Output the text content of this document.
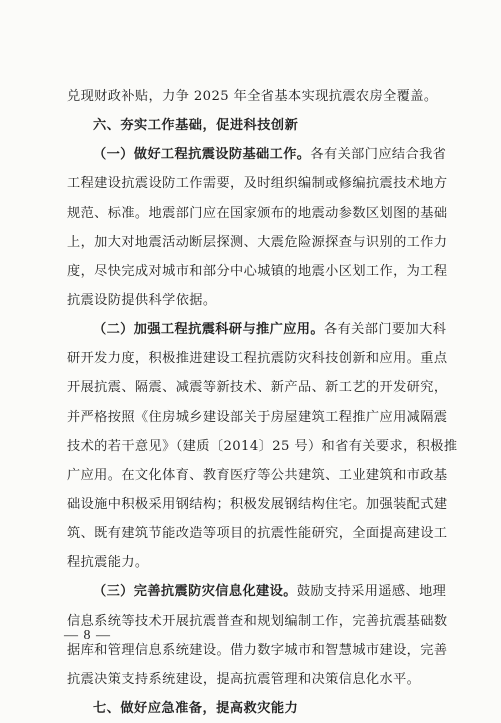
兑现财政补贴，力争 2025 年全省基本实现抗震农房全覆盖。
六、夯实工作基础，促进科技创新
（一）做好工程抗震设防基础工作。各有关部门应结合我省
工程建设抗震设防工作需要，及时组织编制或修编抗震技术地方
规范、标准。地震部门应在国家颁布的地震动参数区划图的基础
上，加大对地震活动断层探测、大震危险源探查与识别的工作力
度，尽快完成对城市和部分中心城镇的地震小区划工作，为工程
抗震设防提供科学依据。
（二）加强工程抗震科研与推广应用。各有关部门要加大科
研开发力度，积极推进建设工程抗震防灾科技创新和应用。重点
开展抗震、隔震、减震等新技术、新产品、新工艺的开发研究，
并严格按照《住房城乡建设部关于房屋建筑工程推广应用减隔震
技术的若干意见》（建质〔2014〕25 号）和省有关要求，积极推
广应用。在文化体育、教育医疗等公共建筑、工业建筑和市政基
础设施中积极采用钢结构；积极发展钢结构住宅。加强装配式建
筑、既有建筑节能改造等项目的抗震性能研究，全面提高建设工
程抗震能力。
（三）完善抗震防灾信息化建设。鼓励支持采用遥感、地理
信息系统等技术开展抗震普查和规划编制工作，完善抗震基础数
据库和管理信息系统建设。借力数字城市和智慧城市建设，完善
抗震决策支持系统建设，提高抗震管理和决策信息化水平。
七、做好应急准备，提高救灾能力
— 8 —
